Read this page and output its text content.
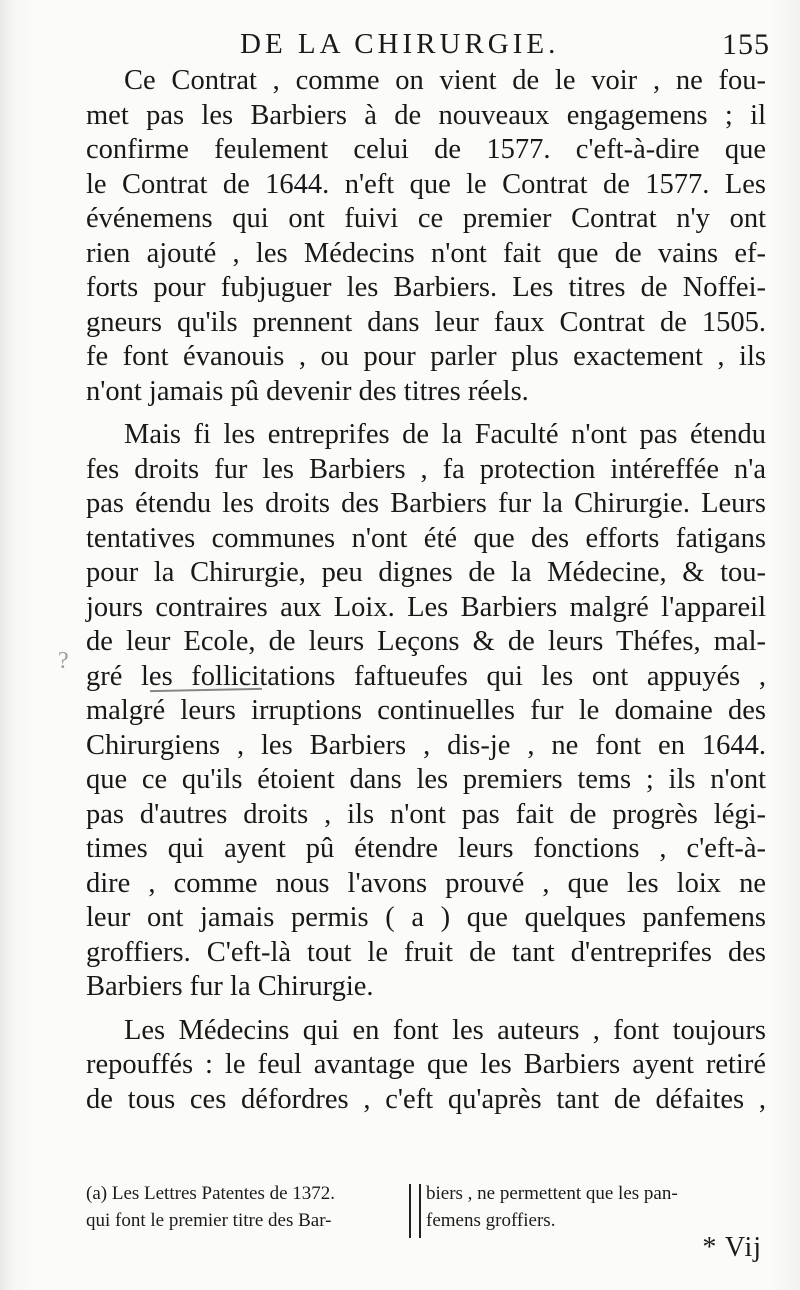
DE LA CHIRURGIE.	155
?
Ce Contrat , comme on vient de le voir , ne fou-
met pas les Barbiers à de nouveaux engagemens ; il
confirme feulement celui de 1577. c'eft-à-dire que
le Contrat de 1644. n'eft que le Contrat de 1577. Les
événemens qui ont fuivi ce premier Contrat n'y ont
rien ajouté , les Médecins n'ont fait que de vains ef-
forts pour fubjuguer les Barbiers. Les titres de Noffei-
gneurs qu'ils prennent dans leur faux Contrat de 1505.
fe font évanouis , ou pour parler plus exactement , ils
n'ont jamais pû devenir des titres réels.
Mais fi les entreprifes de la Faculté n'ont pas étendu
fes droits fur les Barbiers , fa protection intéreffée n'a
pas étendu les droits des Barbiers fur la Chirurgie. Leurs
tentatives communes n'ont été que des efforts fatigans
pour la Chirurgie, peu dignes de la Médecine, & tou-
jours contraires aux Loix. Les Barbiers malgré l'appareil
de leur Ecole, de leurs Leçons & de leurs Théfes, mal-
gré les follicitations faftueufes qui les ont appuyés ,
malgré leurs irruptions continuelles fur le domaine des
Chirurgiens , les Barbiers , dis-je , ne font en 1644.
que ce qu'ils étoient dans les premiers tems ; ils n'ont
pas d'autres droits , ils n'ont pas fait de progrès légi-
times qui ayent pû étendre leurs fonctions , c'eft-à-
dire , comme nous l'avons prouvé , que les loix ne
leur ont jamais permis ( a ) que quelques panfemens
groffiers. C'eft-là tout le fruit de tant d'entreprifes des
Barbiers fur la Chirurgie.
Les Médecins qui en font les auteurs , font toujours
repouffés : le feul avantage que les Barbiers ayent retiré
de tous ces défordres , c'eft qu'après tant de défaites ,
(a) Les Lettres Patentes de 1372.
qui font le premier titre des Bar-
biers , ne permettent que les pan-
femens groffiers.
* Vij
